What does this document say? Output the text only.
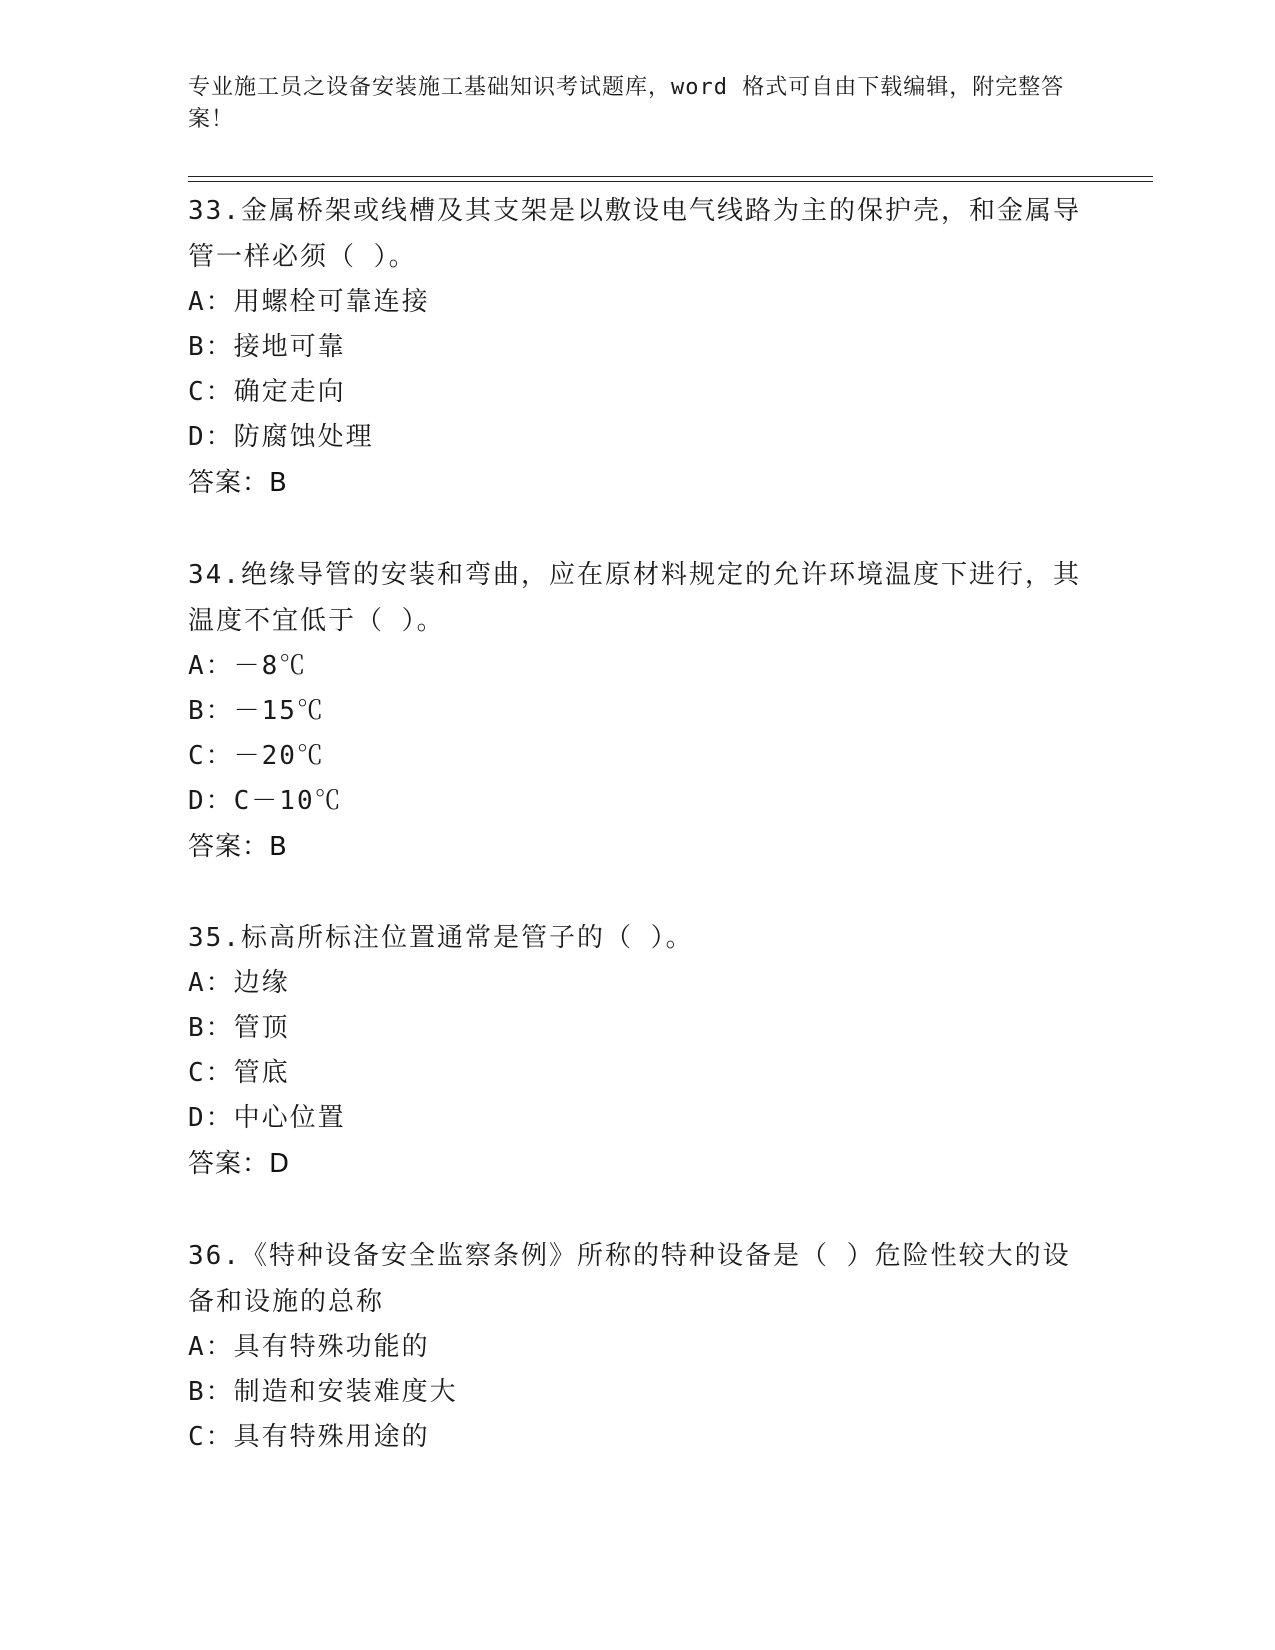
专业施工员之设备安装施工基础知识考试题库，word 格式可自由下载编辑，附完整答案！

33.金属桥架或线槽及其支架是以敷设电气线路为主的保护壳，和金属导管一样必须（ ）。

A：用螺栓可靠连接

B：接地可靠

C：确定走向

D：防腐蚀处理

答案：B

34.绝缘导管的安装和弯曲，应在原材料规定的允许环境温度下进行，其温度不宜低于（ ）。

A：－8℃

B：－15℃

C：－20℃

D：C－10℃

答案：B

35.标高所标注位置通常是管子的（ ）。

A：边缘

B：管顶

C：管底

D：中心位置

答案：D

36.《特种设备安全监察条例》所称的特种设备是（ ）危险性较大的设备和设施的总称

A：具有特殊功能的

B：制造和安装难度大

C：具有特殊用途的
